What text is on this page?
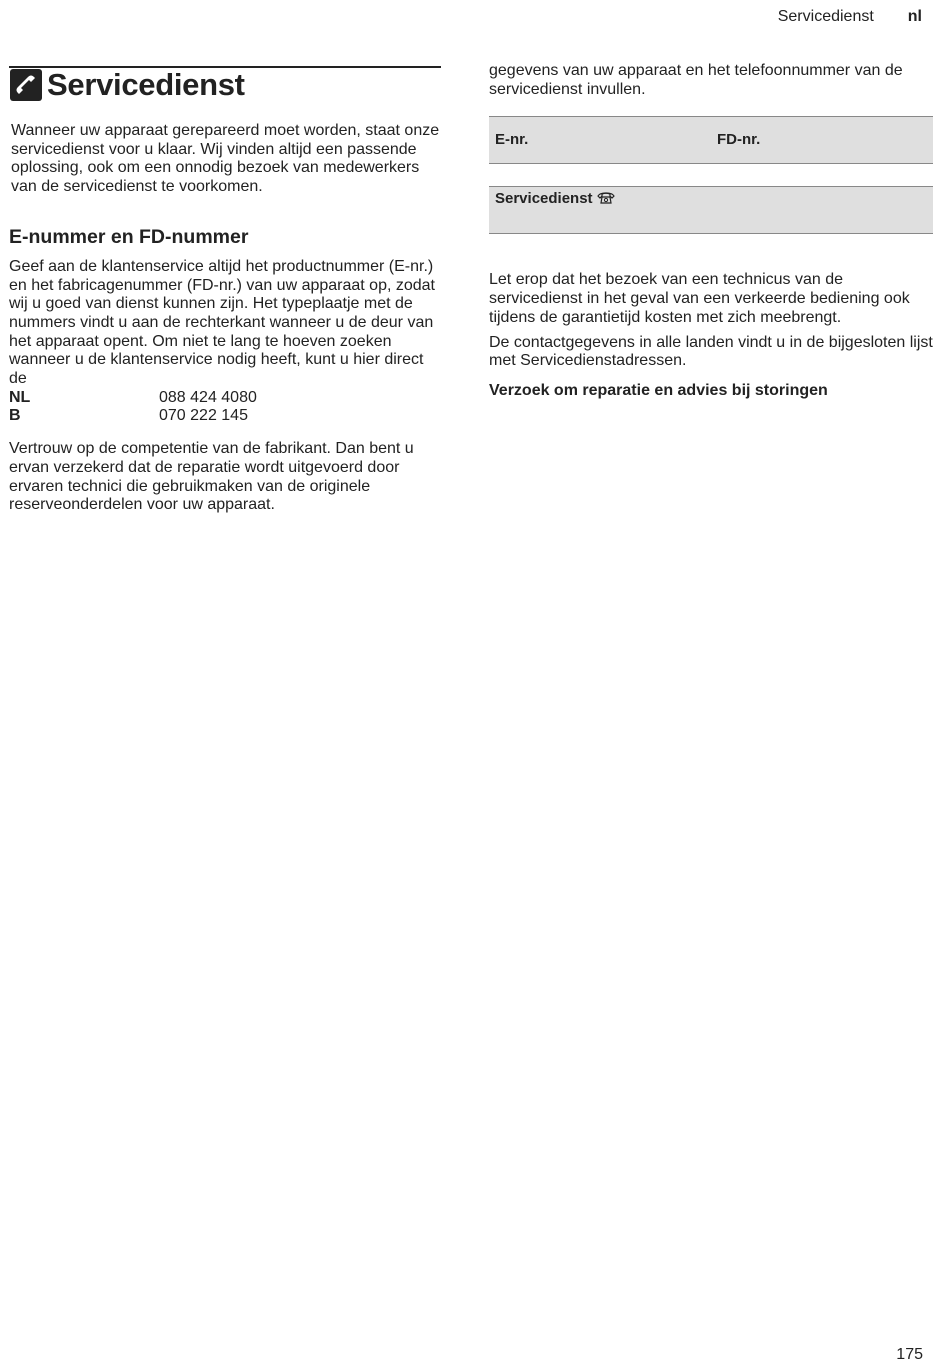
Servicedienst nl
Servicedienst

Wanneer uw apparaat gerepareerd moet worden, staat onze servicedienst voor u klaar. Wij vinden altijd een passende oplossing, ook om een onnodig bezoek van medewerkers van de servicedienst te voorkomen.

E-nummer en FD-nummer

Geef aan de klantenservice altijd het productnummer (E-nr.) en het fabricagenummer (FD-nr.) van uw apparaat op, zodat wij u goed van dienst kunnen zijn. Het typeplaatje met de nummers vindt u aan de rechterkant wanneer u de deur van het apparaat opent. Om niet te lang te hoeven zoeken wanneer u de klantenservice nodig heeft, kunt u hier direct de

NL	088 424 4080
B	070 222 145

Vertrouw op de competentie van de fabrikant. Dan bent u ervan verzekerd dat de reparatie wordt uitgevoerd door ervaren technici die gebruikmaken van de originele reserveonderdelen voor uw apparaat.

gegevens van uw apparaat en het telefoonnummer van de servicedienst invullen.

E-nr.	FD-nr.
Servicedienst

Let erop dat het bezoek van een technicus van de servicedienst in het geval van een verkeerde bediening ook tijdens de garantietijd kosten met zich meebrengt.

De contactgegevens in alle landen vindt u in de bijgesloten lijst met Servicedienstadressen.

Verzoek om reparatie en advies bij storingen

175
